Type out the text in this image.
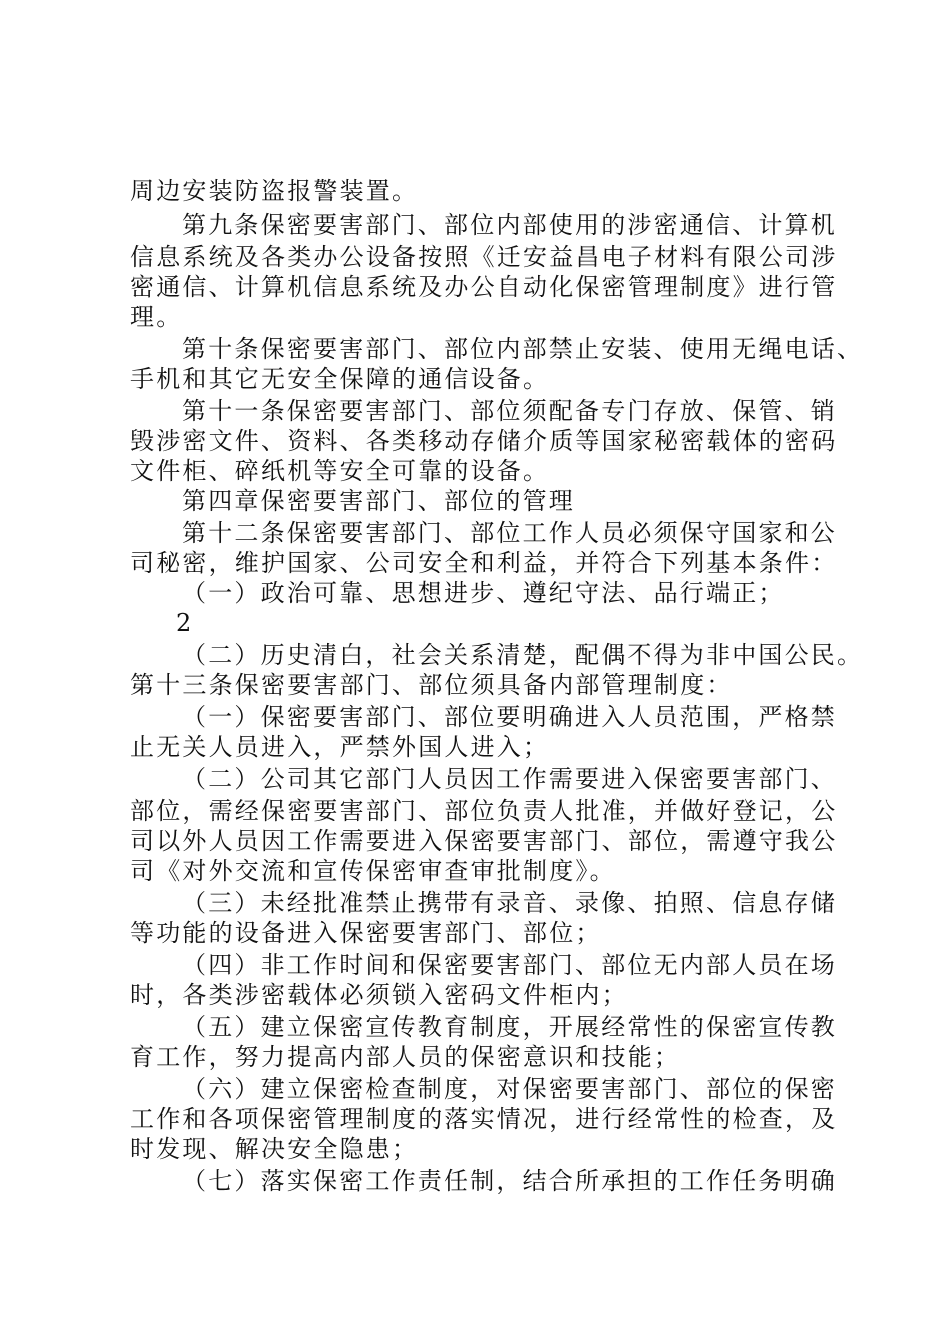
周边安装防盗报警装置。
第九条保密要害部门、部位内部使用的涉密通信、计算机
信息系统及各类办公设备按照《迁安益昌电子材料有限公司涉
密通信、计算机信息系统及办公自动化保密管理制度》进行管
理。
第十条保密要害部门、部位内部禁止安装、使用无绳电话、
手机和其它无安全保障的通信设备。
第十一条保密要害部门、部位须配备专门存放、保管、销
毁涉密文件、资料、各类移动存储介质等国家秘密载体的密码
文件柜、碎纸机等安全可靠的设备。
第四章保密要害部门、部位的管理
第十二条保密要害部门、部位工作人员必须保守国家和公
司秘密，维护国家、公司安全和利益，并符合下列基本条件：
（一）政治可靠、思想进步、遵纪守法、品行端正；
2
（二）历史清白，社会关系清楚，配偶不得为非中国公民。
第十三条保密要害部门、部位须具备内部管理制度：
（一）保密要害部门、部位要明确进入人员范围，严格禁
止无关人员进入，严禁外国人进入；
（二）公司其它部门人员因工作需要进入保密要害部门、
部位，需经保密要害部门、部位负责人批准，并做好登记，公
司以外人员因工作需要进入保密要害部门、部位，需遵守我公
司《对外交流和宣传保密审查审批制度》。
（三）未经批准禁止携带有录音、录像、拍照、信息存储
等功能的设备进入保密要害部门、部位；
（四）非工作时间和保密要害部门、部位无内部人员在场
时，各类涉密载体必须锁入密码文件柜内；
（五）建立保密宣传教育制度，开展经常性的保密宣传教
育工作，努力提高内部人员的保密意识和技能；
（六）建立保密检查制度，对保密要害部门、部位的保密
工作和各项保密管理制度的落实情况，进行经常性的检查，及
时发现、解决安全隐患；
（七）落实保密工作责任制，结合所承担的工作任务明确
